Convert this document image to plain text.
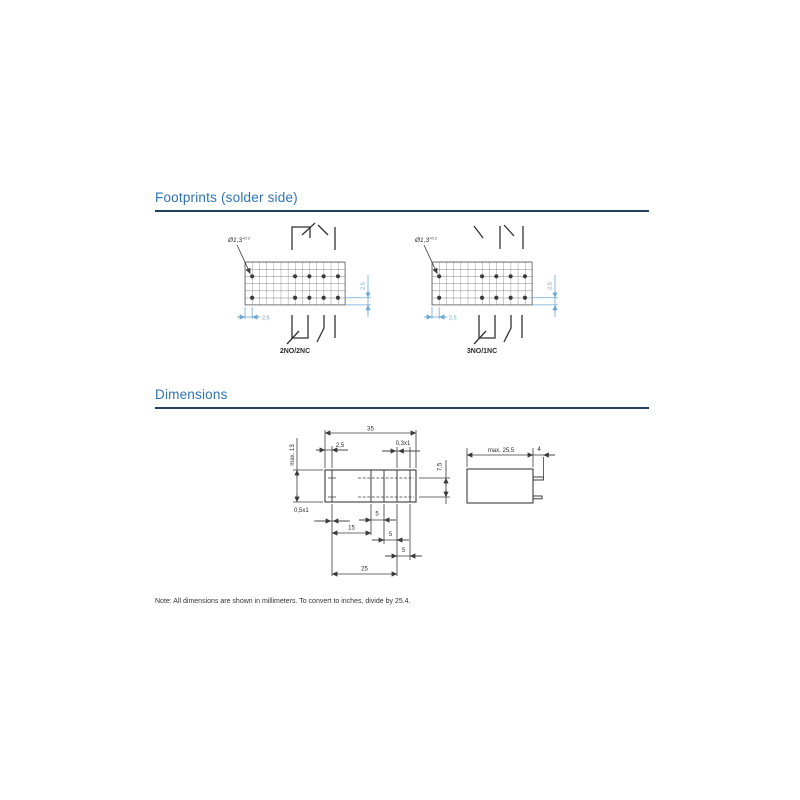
Footprints (solder side)
$Ø1,3^{+0.1}$
2,5
2,5
2NO/2NC
$Ø1,3^{+0.1}$
2,5
2,5
3NO/1NC
Dimensions
35
max. 13	2,5	0,3x1
7,5
0,5x1
5
15
5
5
25
max. 25,5	4
Note: All dimensions are shown in millimeters. To convert to inches, divide by 25.4.
